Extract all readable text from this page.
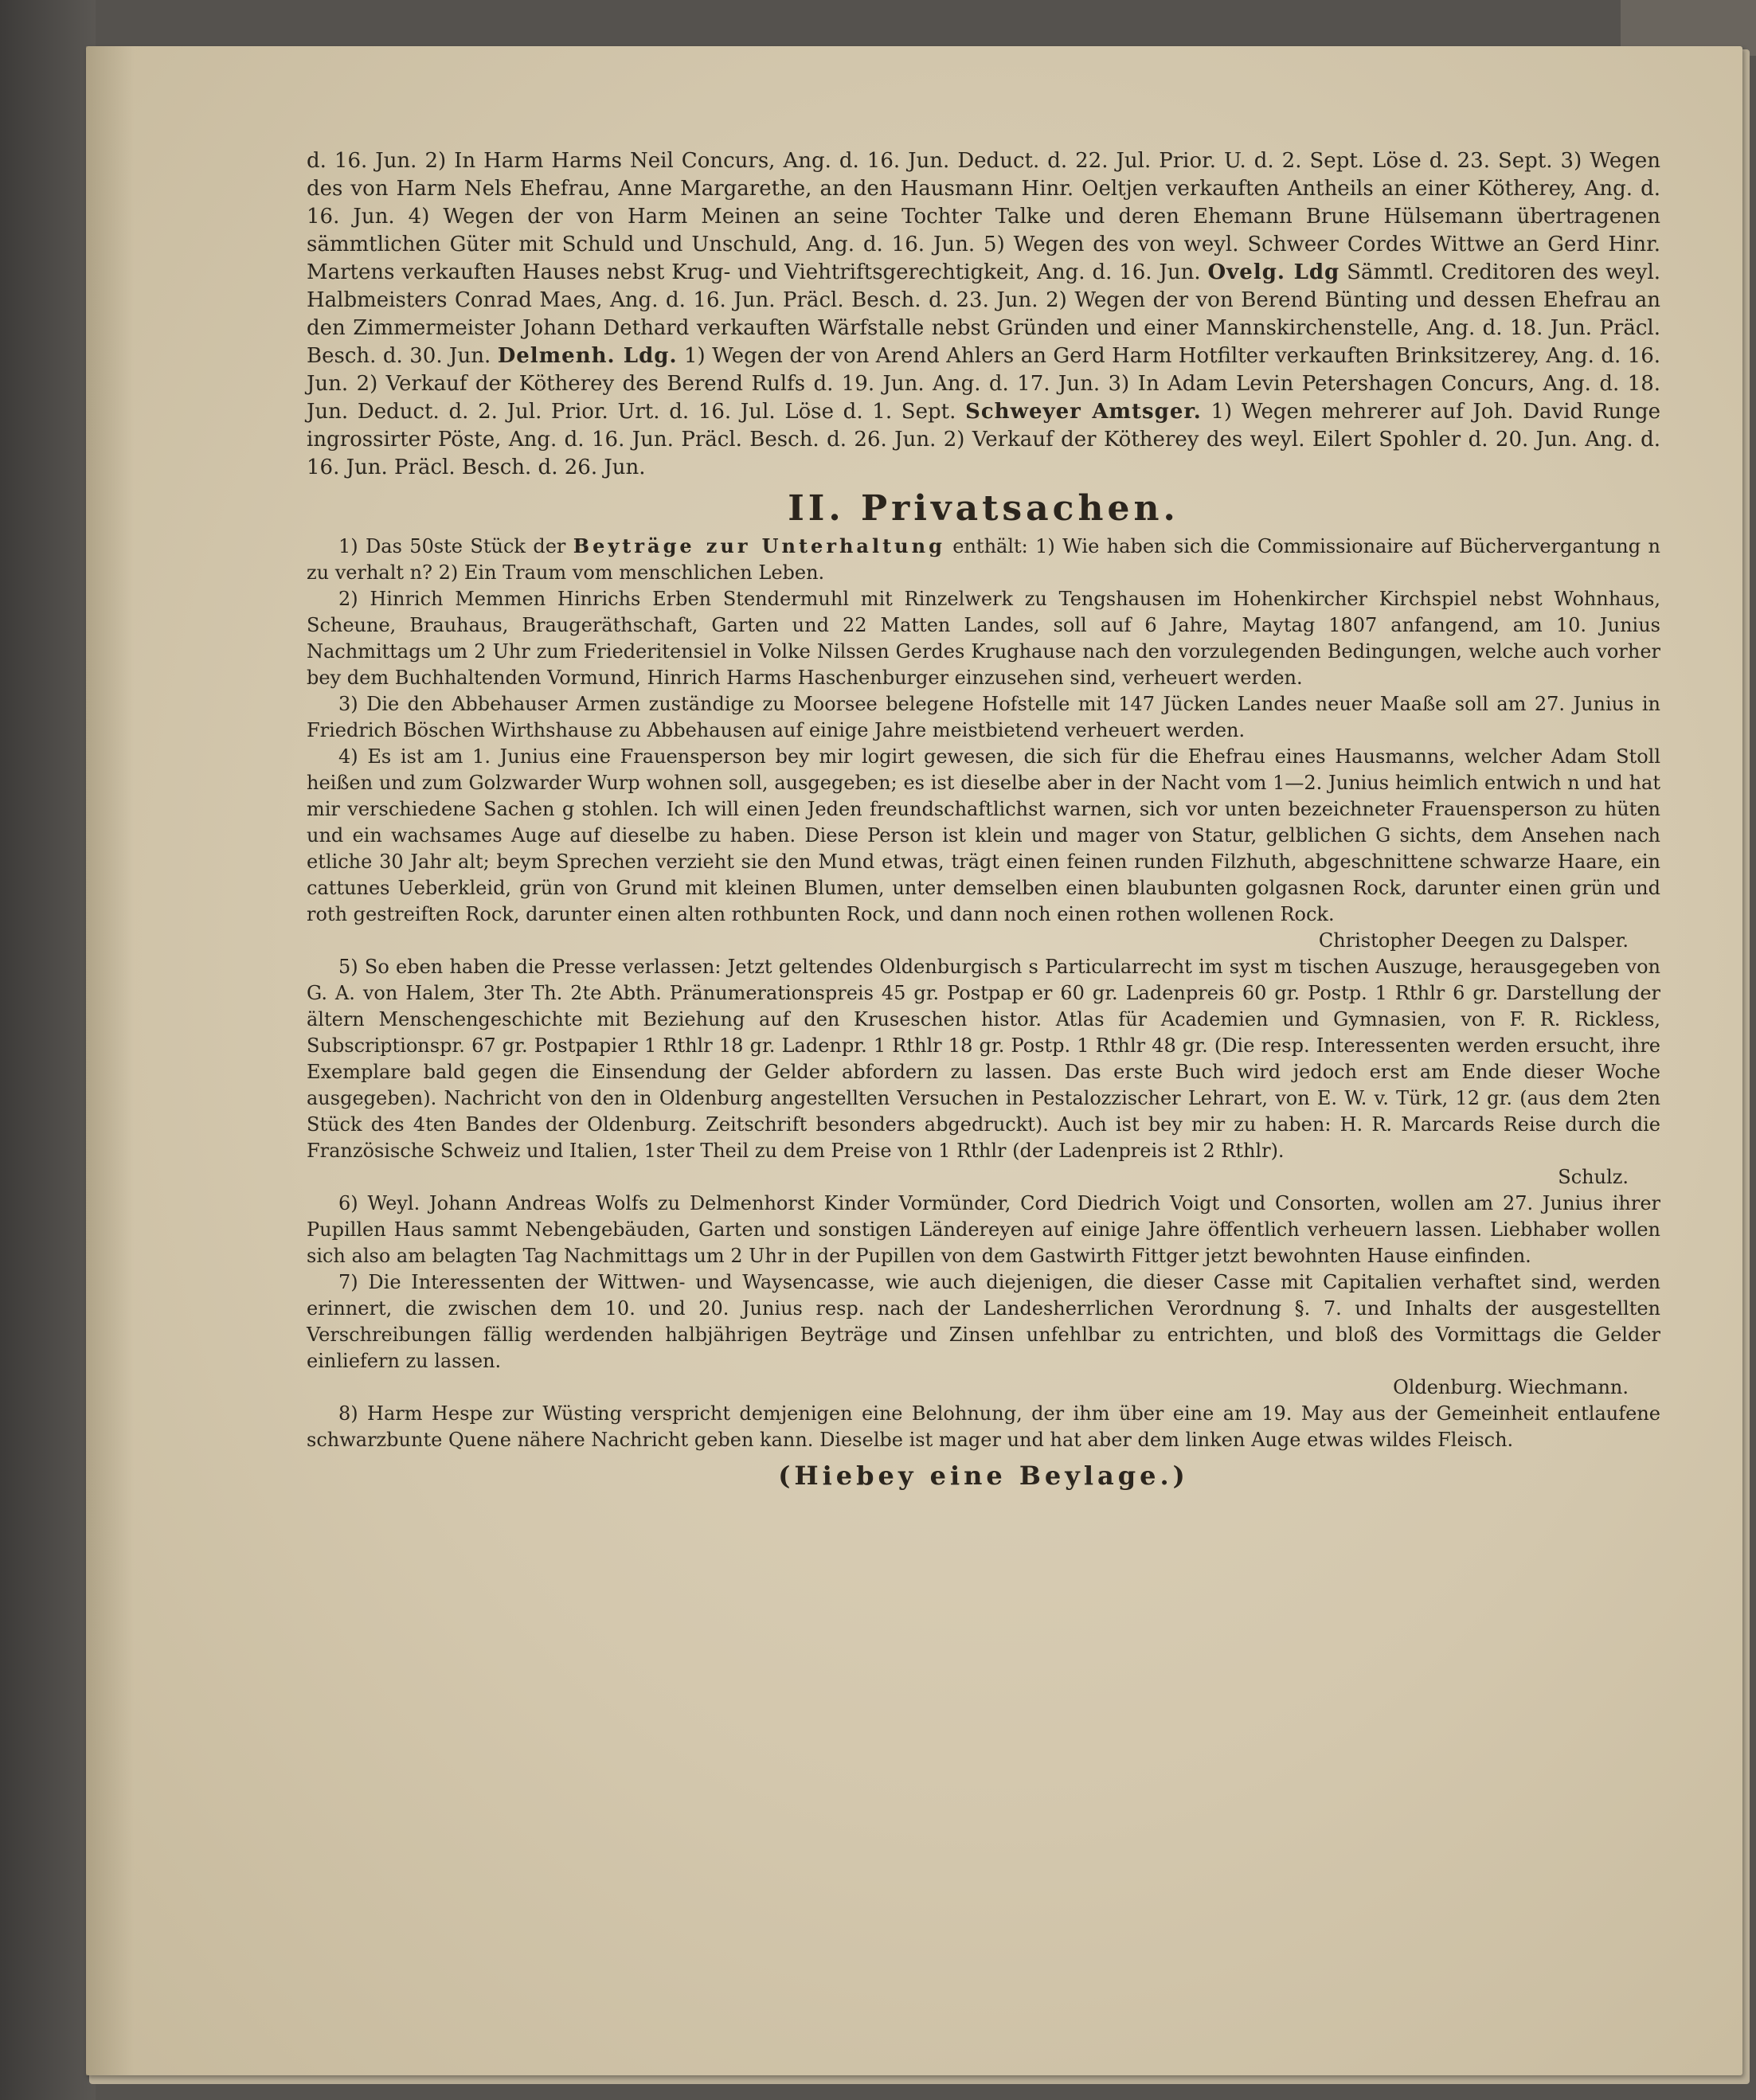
d. 16. Jun. 2) In Harm Harms Neil Concurs, Ang. d. 16. Jun. Deduct. d. 22. Jul. Prior. U. d. 2. Sept. Löse d. 23. Sept. 3) Wegen des von Harm Nels Ehefrau, Anne Margarethe, an den Hausmann Hinr. Oeltjen verkauften Antheils an einer Kötherey, Ang. d. 16. Jun. 4) Wegen der von Harm Meinen an seine Tochter Talke und deren Ehemann Brune Hülsemann übertragenen sämmtlichen Güter mit Schuld und Unschuld, Ang. d. 16. Jun. 5) Wegen des von weyl. Schweer Cordes Wittwe an Gerd Hinr. Martens verkauften Hauses nebst Krug- und Viehtriftsgerechtigkeit, Ang. d. 16. Jun. Ovelg. Ldg Sämmtl. Creditoren des weyl. Halbmeisters Conrad Maes, Ang. d. 16. Jun. Präcl. Besch. d. 23. Jun. 2) Wegen der von Berend Bünting und dessen Ehefrau an den Zimmermeister Johann Dethard verkauften Wärfstalle nebst Gründen und einer Mannskirchenstelle, Ang. d. 18. Jun. Präcl. Besch. d. 30. Jun. Delmenh. Ldg. 1) Wegen der von Arend Ahlers an Gerd Harm Hotfilter verkauften Brinksitzerey, Ang. d. 16. Jun. 2) Verkauf der Kötherey des Berend Rulfs d. 19. Jun. Ang. d. 17. Jun. 3) In Adam Levin Petershagen Concurs, Ang. d. 18. Jun. Deduct. d. 2. Jul. Prior. Urt. d. 16. Jul. Löse d. 1. Sept. Schweyer Amtsger. 1) Wegen mehrerer auf Joh. David Runge ingrossirter Pöste, Ang. d. 16. Jun. Präcl. Besch. d. 26. Jun. 2) Verkauf der Kötherey des weyl. Eilert Spohler d. 20. Jun. Ang. d. 16. Jun. Präcl. Besch. d. 26. Jun.

II. Privatsachen.

1) Das 50ste Stück der Beyträge zur Unterhaltung enthält: 1) Wie haben sich die Commissionaire auf Büchervergantung n zu verhalt n? 2) Ein Traum vom menschlichen Leben.

2) Hinrich Memmen Hinrichs Erben Stendermuhl mit Rinzelwerk zu Tengshausen im Hohenkircher Kirchspiel nebst Wohnhaus, Scheune, Brauhaus, Braugeräthschaft, Garten und 22 Matten Landes, soll auf 6 Jahre, Maytag 1807 anfangend, am 10. Junius Nachmittags um 2 Uhr zum Friederitensiel in Volke Nilssen Gerdes Krughause nach den vorzulegenden Bedingungen, welche auch vorher bey dem Buchhaltenden Vormund, Hinrich Harms Haschenburger einzusehen sind, verheuert werden.

3) Die den Abbehauser Armen zuständige zu Moorsee belegene Hofstelle mit 147 Jücken Landes neuer Maaße soll am 27. Junius in Friedrich Böschen Wirthshause zu Abbehausen auf einige Jahre meistbietend verheuert werden.

4) Es ist am 1. Junius eine Frauensperson bey mir logirt gewesen, die sich für die Ehefrau eines Hausmanns, welcher Adam Stoll heißen und zum Golzwarder Wurp wohnen soll, ausgegeben; es ist dieselbe aber in der Nacht vom 1—2. Junius heimlich entwich n und hat mir verschiedene Sachen g stohlen. Ich will einen Jeden freundschaftlichst warnen, sich vor unten bezeichneter Frauensperson zu hüten und ein wachsames Auge auf dieselbe zu haben. Diese Person ist klein und mager von Statur, gelblichen G sichts, dem Ansehen nach etliche 30 Jahr alt; beym Sprechen verzieht sie den Mund etwas, trägt einen feinen runden Filzhuth, abgeschnittene schwarze Haare, ein cattunes Ueberkleid, grün von Grund mit kleinen Blumen, unter demselben einen blaubunten golgasnen Rock, darunter einen grün und roth gestreiften Rock, darunter einen alten rothbunten Rock, und dann noch einen rothen wollenen Rock.
Christopher Deegen zu Dalsper.

5) So eben haben die Presse verlassen: Jetzt geltendes Oldenburgisch s Particularrecht im syst m tischen Auszuge, herausgegeben von G. A. von Halem, 3ter Th. 2te Abth. Pränumerationspreis 45 gr. Postpap er 60 gr. Ladenpreis 60 gr. Postp. 1 Rthlr 6 gr. Darstellung der ältern Menschengeschichte mit Beziehung auf den Kruseschen histor. Atlas für Academien und Gymnasien, von F. R. Rickless, Subscriptionspr. 67 gr. Postpapier 1 Rthlr 18 gr. Ladenpr. 1 Rthlr 18 gr. Postp. 1 Rthlr 48 gr. (Die resp. Interessenten werden ersucht, ihre Exemplare bald gegen die Einsendung der Gelder abfordern zu lassen. Das erste Buch wird jedoch erst am Ende dieser Woche ausgegeben). Nachricht von den in Oldenburg angestellten Versuchen in Pestalozzischer Lehrart, von E. W. v. Türk, 12 gr. (aus dem 2ten Stück des 4ten Bandes der Oldenburg. Zeitschrift besonders abgedruckt). Auch ist bey mir zu haben: H. R. Marcards Reise durch die Französische Schweiz und Italien, 1ster Theil zu dem Preise von 1 Rthlr (der Ladenpreis ist 2 Rthlr).
Schulz.

6) Weyl. Johann Andreas Wolfs zu Delmenhorst Kinder Vormünder, Cord Diedrich Voigt und Consorten, wollen am 27. Junius ihrer Pupillen Haus sammt Nebengebäuden, Garten und sonstigen Ländereyen auf einige Jahre öffentlich verheuern lassen. Liebhaber wollen sich also am belagten Tag Nachmittags um 2 Uhr in der Pupillen von dem Gastwirth Fittger jetzt bewohnten Hause einfinden.

7) Die Interessenten der Wittwen- und Waysencasse, wie auch diejenigen, die dieser Casse mit Capitalien verhaftet sind, werden erinnert, die zwischen dem 10. und 20. Junius resp. nach der Landesherrlichen Verordnung §. 7. und Inhalts der ausgestellten Verschreibungen fällig werdenden halbjährigen Beyträge und Zinsen unfehlbar zu entrichten, und bloß des Vormittags die Gelder einliefern zu lassen.
Oldenburg. Wiechmann.

8) Harm Hespe zur Wüsting verspricht demjenigen eine Belohnung, der ihm über eine am 19. May aus der Gemeinheit entlaufene schwarzbunte Quene nähere Nachricht geben kann. Dieselbe ist mager und hat aber dem linken Auge etwas wildes Fleisch.

(Hiebey eine Beylage.)
